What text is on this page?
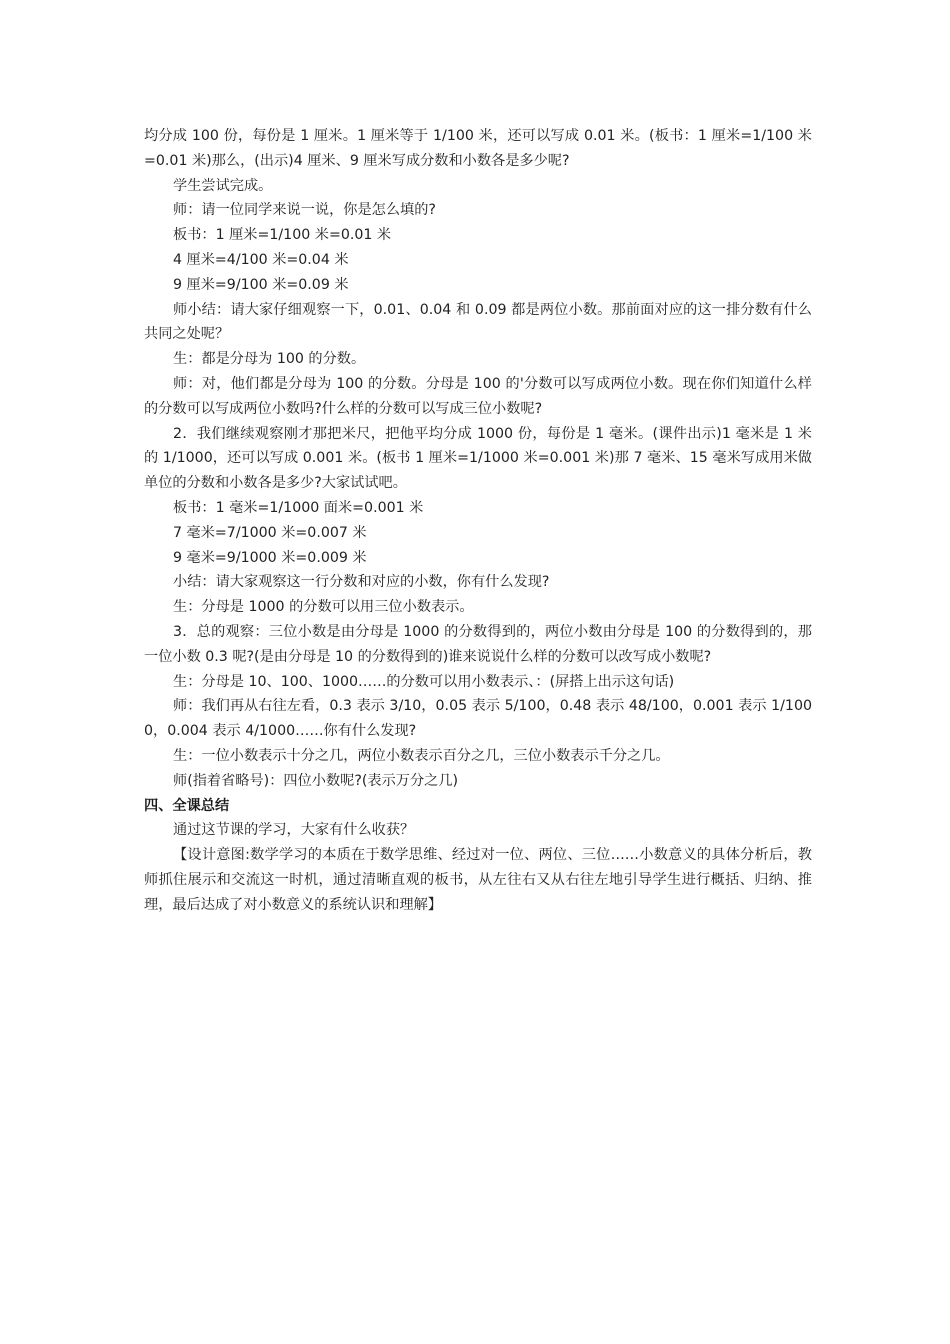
均分成 100 份，每份是 1 厘米。1 厘米等于 1/100 米，还可以写成 0.01 米。(板书：1 厘米=1/100 米=0.01 米)那么，(出示)4 厘米、9 厘米写成分数和小数各是多少呢?

学生尝试完成。

师：请一位同学来说一说，你是怎么填的?

板书：1 厘米=1/100 米=0.01 米

4 厘米=4/100 米=0.04 米

9 厘米=9/100 米=0.09 米

师小结：请大家仔细观察一下，0.01、0.04 和 0.09 都是两位小数。那前面对应的这一排分数有什么共同之处呢？

生：都是分母为 100 的分数。

师：对，他们都是分母为 100 的分数。分母是 100 的'分数可以写成两位小数。现在你们知道什么样的分数可以写成两位小数吗?什么样的分数可以写成三位小数呢?

2．我们继续观察刚才那把米尺，把他平均分成 1000 份，每份是 1 毫米。(课件出示)1 毫米是 1 米的 1/1000，还可以写成 0.001 米。(板书 1 厘米=1/1000 米=0.001 米)那 7 毫米、15 毫米写成用米做单位的分数和小数各是多少?大家试试吧。

板书：1 毫米=1/1000 面米=0.001 米

7 毫米=7/1000 米=0.007 米

9 毫米=9/1000 米=0.009 米

小结：请大家观察这一行分数和对应的小数，你有什么发现?

生：分母是 1000 的分数可以用三位小数表示。

3．总的观察：三位小数是由分母是 1000 的分数得到的，两位小数由分母是 100 的分数得到的，那一位小数 0.3 呢?(是由分母是 10 的分数得到的)谁来说说什么样的分数可以改写成小数呢?

生：分母是 10、100、1000……的分数可以用小数表示、：(屏搭上出示这句话)

师：我们再从右往左看，0.3 表示 3/10，0.05 表示 5/100，0.48 表示 48/100，0.001 表示 1/1000，0.004 表示 4/1000……你有什么发现?

生：一位小数表示十分之几，两位小数表示百分之几，三位小数表示千分之几。

师(指着省略号)：四位小数呢?(表示万分之几)

四、全课总结

通过这节课的学习，大家有什么收获？

【设计意图:数学学习的本质在于数学思维、经过对一位、两位、三位……小数意义的具体分析后，教师抓住展示和交流这一时机，通过清晰直观的板书，从左往右又从右往左地引导学生进行概括、归纳、推理，最后达成了对小数意义的系统认识和理解】
